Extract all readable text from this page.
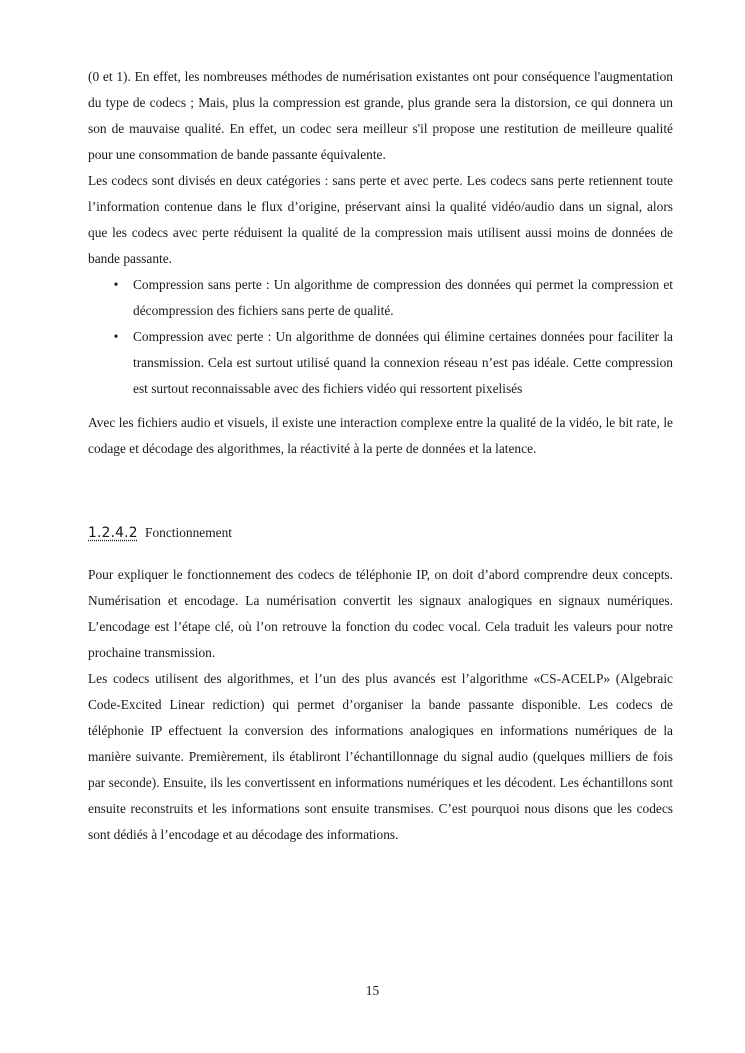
(0 et 1). En effet, les nombreuses méthodes de numérisation existantes ont pour conséquence l'augmentation du type de codecs ; Mais, plus la compression est grande, plus grande sera la distorsion, ce qui donnera un son de mauvaise qualité. En effet, un codec sera meilleur s'il propose une restitution de meilleure qualité pour une consommation de bande passante équivalente.

Les codecs sont divisés en deux catégories : sans perte et avec perte. Les codecs sans perte retiennent toute l’information contenue dans le flux d’origine, préservant ainsi la qualité vidéo/audio dans un signal, alors que les codecs avec perte réduisent la qualité de la compression mais utilisent aussi moins de données de bande passante.

• Compression sans perte : Un algorithme de compression des données qui permet la compression et décompression des fichiers sans perte de qualité.
• Compression avec perte : Un algorithme de données qui élimine certaines données pour faciliter la transmission. Cela est surtout utilisé quand la connexion réseau n’est pas idéale. Cette compression est surtout reconnaissable avec des fichiers vidéo qui ressortent pixelisés

Avec les fichiers audio et visuels, il existe une interaction complexe entre la qualité de la vidéo, le bit rate, le codage et décodage des algorithmes, la réactivité à la perte de données et la latence.

1.2.4.2 Fonctionnement

Pour expliquer le fonctionnement des codecs de téléphonie IP, on doit d’abord comprendre deux concepts. Numérisation et encodage. La numérisation convertit les signaux analogiques en signaux numériques. L’encodage est l’étape clé, où l’on retrouve la fonction du codec vocal. Cela traduit les valeurs pour notre prochaine transmission.

Les codecs utilisent des algorithmes, et l’un des plus avancés est l’algorithme «CS-ACELP» (Algebraic Code-Excited Linear rediction) qui permet d’organiser la bande passante disponible. Les codecs de téléphonie IP effectuent la conversion des informations analogiques en informations numériques de la manière suivante. Premièrement, ils établiront l’échantillonnage du signal audio (quelques milliers de fois par seconde). Ensuite, ils les convertissent en informations numériques et les décodent. Les échantillons sont ensuite reconstruits et les informations sont ensuite transmises. C’est pourquoi nous disons que les codecs sont dédiés à l’encodage et au décodage des informations.

15
